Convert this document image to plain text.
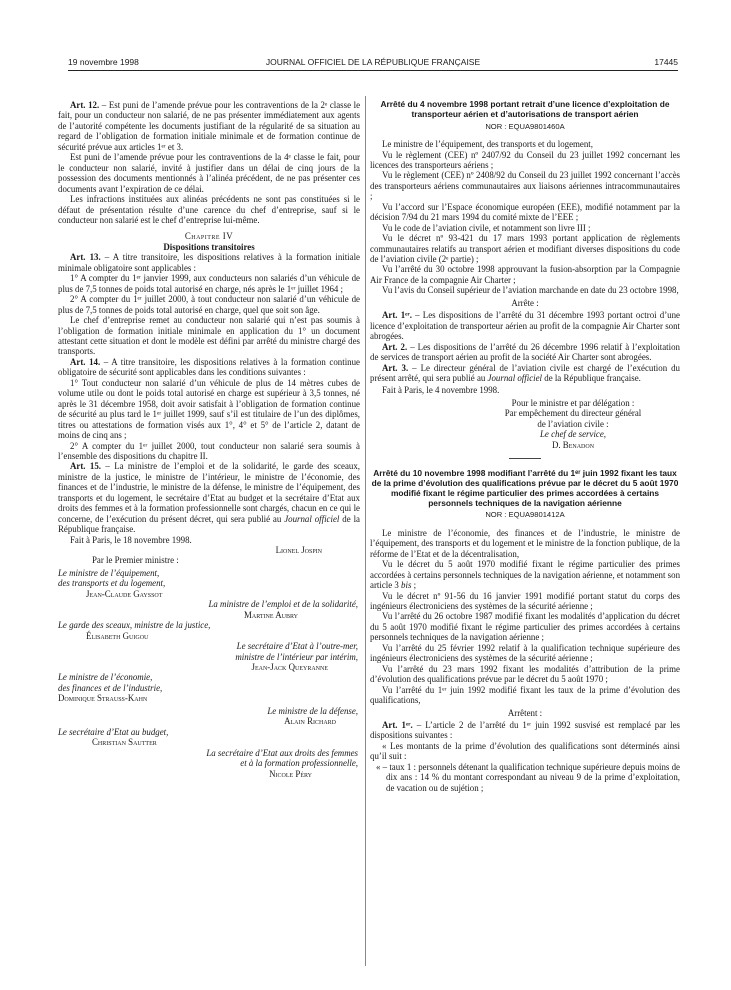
19 novembre 1998	JOURNAL OFFICIEL DE LA RÉPUBLIQUE FRANÇAISE	17445

Art. 12. – Est puni de l’amende prévue pour les contraventions de la 2ᵉ classe le fait, pour un conducteur non salarié, de ne pas présenter immédiatement aux agents de l’autorité compétente les documents justifiant de la régularité de sa situation au regard de l’obligation de formation initiale minimale et de formation continue de sécurité prévue aux articles 1ᵉʳ et 3.

Est puni de l’amende prévue pour les contraventions de la 4ᵉ classe le fait, pour le conducteur non salarié, invité à justifier dans un délai de cinq jours de la possession des documents mentionnés à l’alinéa précédent, de ne pas présenter ces documents avant l’expiration de ce délai.

Les infractions instituées aux alinéas précédents ne sont pas constituées si le défaut de présentation résulte d’une carence du chef d’entreprise, sauf si le conducteur non salarié est le chef d’entreprise lui-même.

Chapitre IV
Dispositions transitoires

Art. 13. – A titre transitoire, les dispositions relatives à la formation initiale minimale obligatoire sont applicables :

1° A compter du 1ᵉʳ janvier 1999, aux conducteurs non salariés d’un véhicule de plus de 7,5 tonnes de poids total autorisé en charge, nés après le 1ᵉʳ juillet 1964 ;

2° A compter du 1ᵉʳ juillet 2000, à tout conducteur non salarié d’un véhicule de plus de 7,5 tonnes de poids total autorisé en charge, quel que soit son âge.

Le chef d’entreprise remet au conducteur non salarié qui n’est pas soumis à l’obligation de formation initiale minimale en application du 1° un document attestant cette situation et dont le modèle est défini par arrêté du ministre chargé des transports.

Art. 14. – A titre transitoire, les dispositions relatives à la formation continue obligatoire de sécurité sont applicables dans les conditions suivantes :

1° Tout conducteur non salarié d’un véhicule de plus de 14 mètres cubes de volume utile ou dont le poids total autorisé en charge est supérieur à 3,5 tonnes, né après le 31 décembre 1958, doit avoir satisfait à l’obligation de formation continue de sécurité au plus tard le 1ᵉʳ juillet 1999, sauf s’il est titulaire de l’un des diplômes, titres ou attestations de formation visés aux 1°, 4° et 5° de l’article 2, datant de moins de cinq ans ;

2° A compter du 1ᵉʳ juillet 2000, tout conducteur non salarié sera soumis à l’ensemble des dispositions du chapitre II.

Art. 15. – La ministre de l’emploi et de la solidarité, le garde des sceaux, ministre de la justice, le ministre de l’intérieur, le ministre de l’économie, des finances et de l’industrie, le ministre de la défense, le ministre de l’équipement, des transports et du logement, le secrétaire d’Etat au budget et la secrétaire d’Etat aux droits des femmes et à la formation professionnelle sont chargés, chacun en ce qui le concerne, de l’exécution du présent décret, qui sera publié au Journal officiel de la République française.

Fait à Paris, le 18 novembre 1998.

Lionel Jospin
Par le Premier ministre :
Le ministre de l’équipement,
des transports et du logement,
Jean-Claude Gayssot
La ministre de l’emploi et de la solidarité,
Martine Aubry
Le garde des sceaux, ministre de la justice,
Élisabeth Guigou
Le secrétaire d’Etat à l’outre-mer,
ministre de l’intérieur par intérim,
Jean-Jack Queyranne
Le ministre de l’économie,
des finances et de l’industrie,
Dominique Strauss-Kahn
Le ministre de la défense,
Alain Richard
Le secrétaire d’Etat au budget,
Christian Sautter
La secrétaire d’Etat aux droits des femmes
et à la formation professionnelle,
Nicole Péry
Arrêté du 4 novembre 1998 portant retrait d’une licence d’exploitation de transporteur aérien et d’autorisations de transport aérien
NOR : EQUA9801460A

Le ministre de l’équipement, des transports et du logement,

Vu le règlement (CEE) nº 2407/92 du Conseil du 23 juillet 1992 concernant les licences des transporteurs aériens ;

Vu le règlement (CEE) nº 2408/92 du Conseil du 23 juillet 1992 concernant l’accès des transporteurs aériens communautaires aux liaisons aériennes intracommunautaires ;

Vu l’accord sur l’Espace économique européen (EEE), modifié notamment par la décision 7/94 du 21 mars 1994 du comité mixte de l’EEE ;

Vu le code de l’aviation civile, et notamment son livre III ;

Vu le décret nº 93-421 du 17 mars 1993 portant application de règlements communautaires relatifs au transport aérien et modifiant diverses dispositions du code de l’aviation civile (2ᵉ partie) ;

Vu l’arrêté du 30 octobre 1998 approuvant la fusion-absorption par la Compagnie Air France de la compagnie Air Charter ;

Vu l’avis du Conseil supérieur de l’aviation marchande en date du 23 octobre 1998,

Arrête :

Art. 1ᵉʳ. – Les dispositions de l’arrêté du 31 décembre 1993 portant octroi d’une licence d’exploitation de transporteur aérien au profit de la compagnie Air Charter sont abrogées.

Art. 2. – Les dispositions de l’arrêté du 26 décembre 1996 relatif à l’exploitation de services de transport aérien au profit de la société Air Charter sont abrogées.

Art. 3. – Le directeur général de l’aviation civile est chargé de l’exécution du présent arrêté, qui sera publié au Journal officiel de la République française.

Fait à Paris, le 4 novembre 1998.

Pour le ministre et par délégation :
Par empêchement du directeur général
de l’aviation civile :
Le chef de service,
D. Benadon
Arrêté du 10 novembre 1998 modifiant l’arrêté du 1ᵉʳ juin 1992 fixant les taux de la prime d’évolution des qualifications prévue par le décret du 5 août 1970 modifié fixant le régime particulier des primes accordées à certains personnels techniques de la navigation aérienne
NOR : EQUA9801412A

Le ministre de l’économie, des finances et de l’industrie, le ministre de l’équipement, des transports et du logement et le ministre de la fonction publique, de la réforme de l’Etat et de la décentralisation,

Vu le décret du 5 août 1970 modifié fixant le régime particulier des primes accordées à certains personnels techniques de la navigation aérienne, et notamment son article 3 bis ;

Vu le décret nº 91-56 du 16 janvier 1991 modifié portant statut du corps des ingénieurs électroniciens des systèmes de la sécurité aérienne ;

Vu l’arrêté du 26 octobre 1987 modifié fixant les modalités d’application du décret du 5 août 1970 modifié fixant le régime particulier des primes accordées à certains personnels techniques de la navigation aérienne ;

Vu l’arrêté du 25 février 1992 relatif à la qualification technique supérieure des ingénieurs électroniciens des systèmes de la sécurité aérienne ;

Vu l’arrêté du 23 mars 1992 fixant les modalités d’attribution de la prime d’évolution des qualifications prévue par le décret du 5 août 1970 ;

Vu l’arrêté du 1ᵉʳ juin 1992 modifié fixant les taux de la prime d’évolution des qualifications,

Arrêtent :

Art. 1ᵉʳ. – L’article 2 de l’arrêté du 1ᵉʳ juin 1992 susvisé est remplacé par les dispositions suivantes :

« Les montants de la prime d’évolution des qualifications sont déterminés ainsi qu’il suit :

« – taux 1 : personnels détenant la qualification technique supérieure depuis moins de dix ans : 14 % du montant correspondant au niveau 9 de la prime d’exploitation, de vacation ou de sujétion ;
